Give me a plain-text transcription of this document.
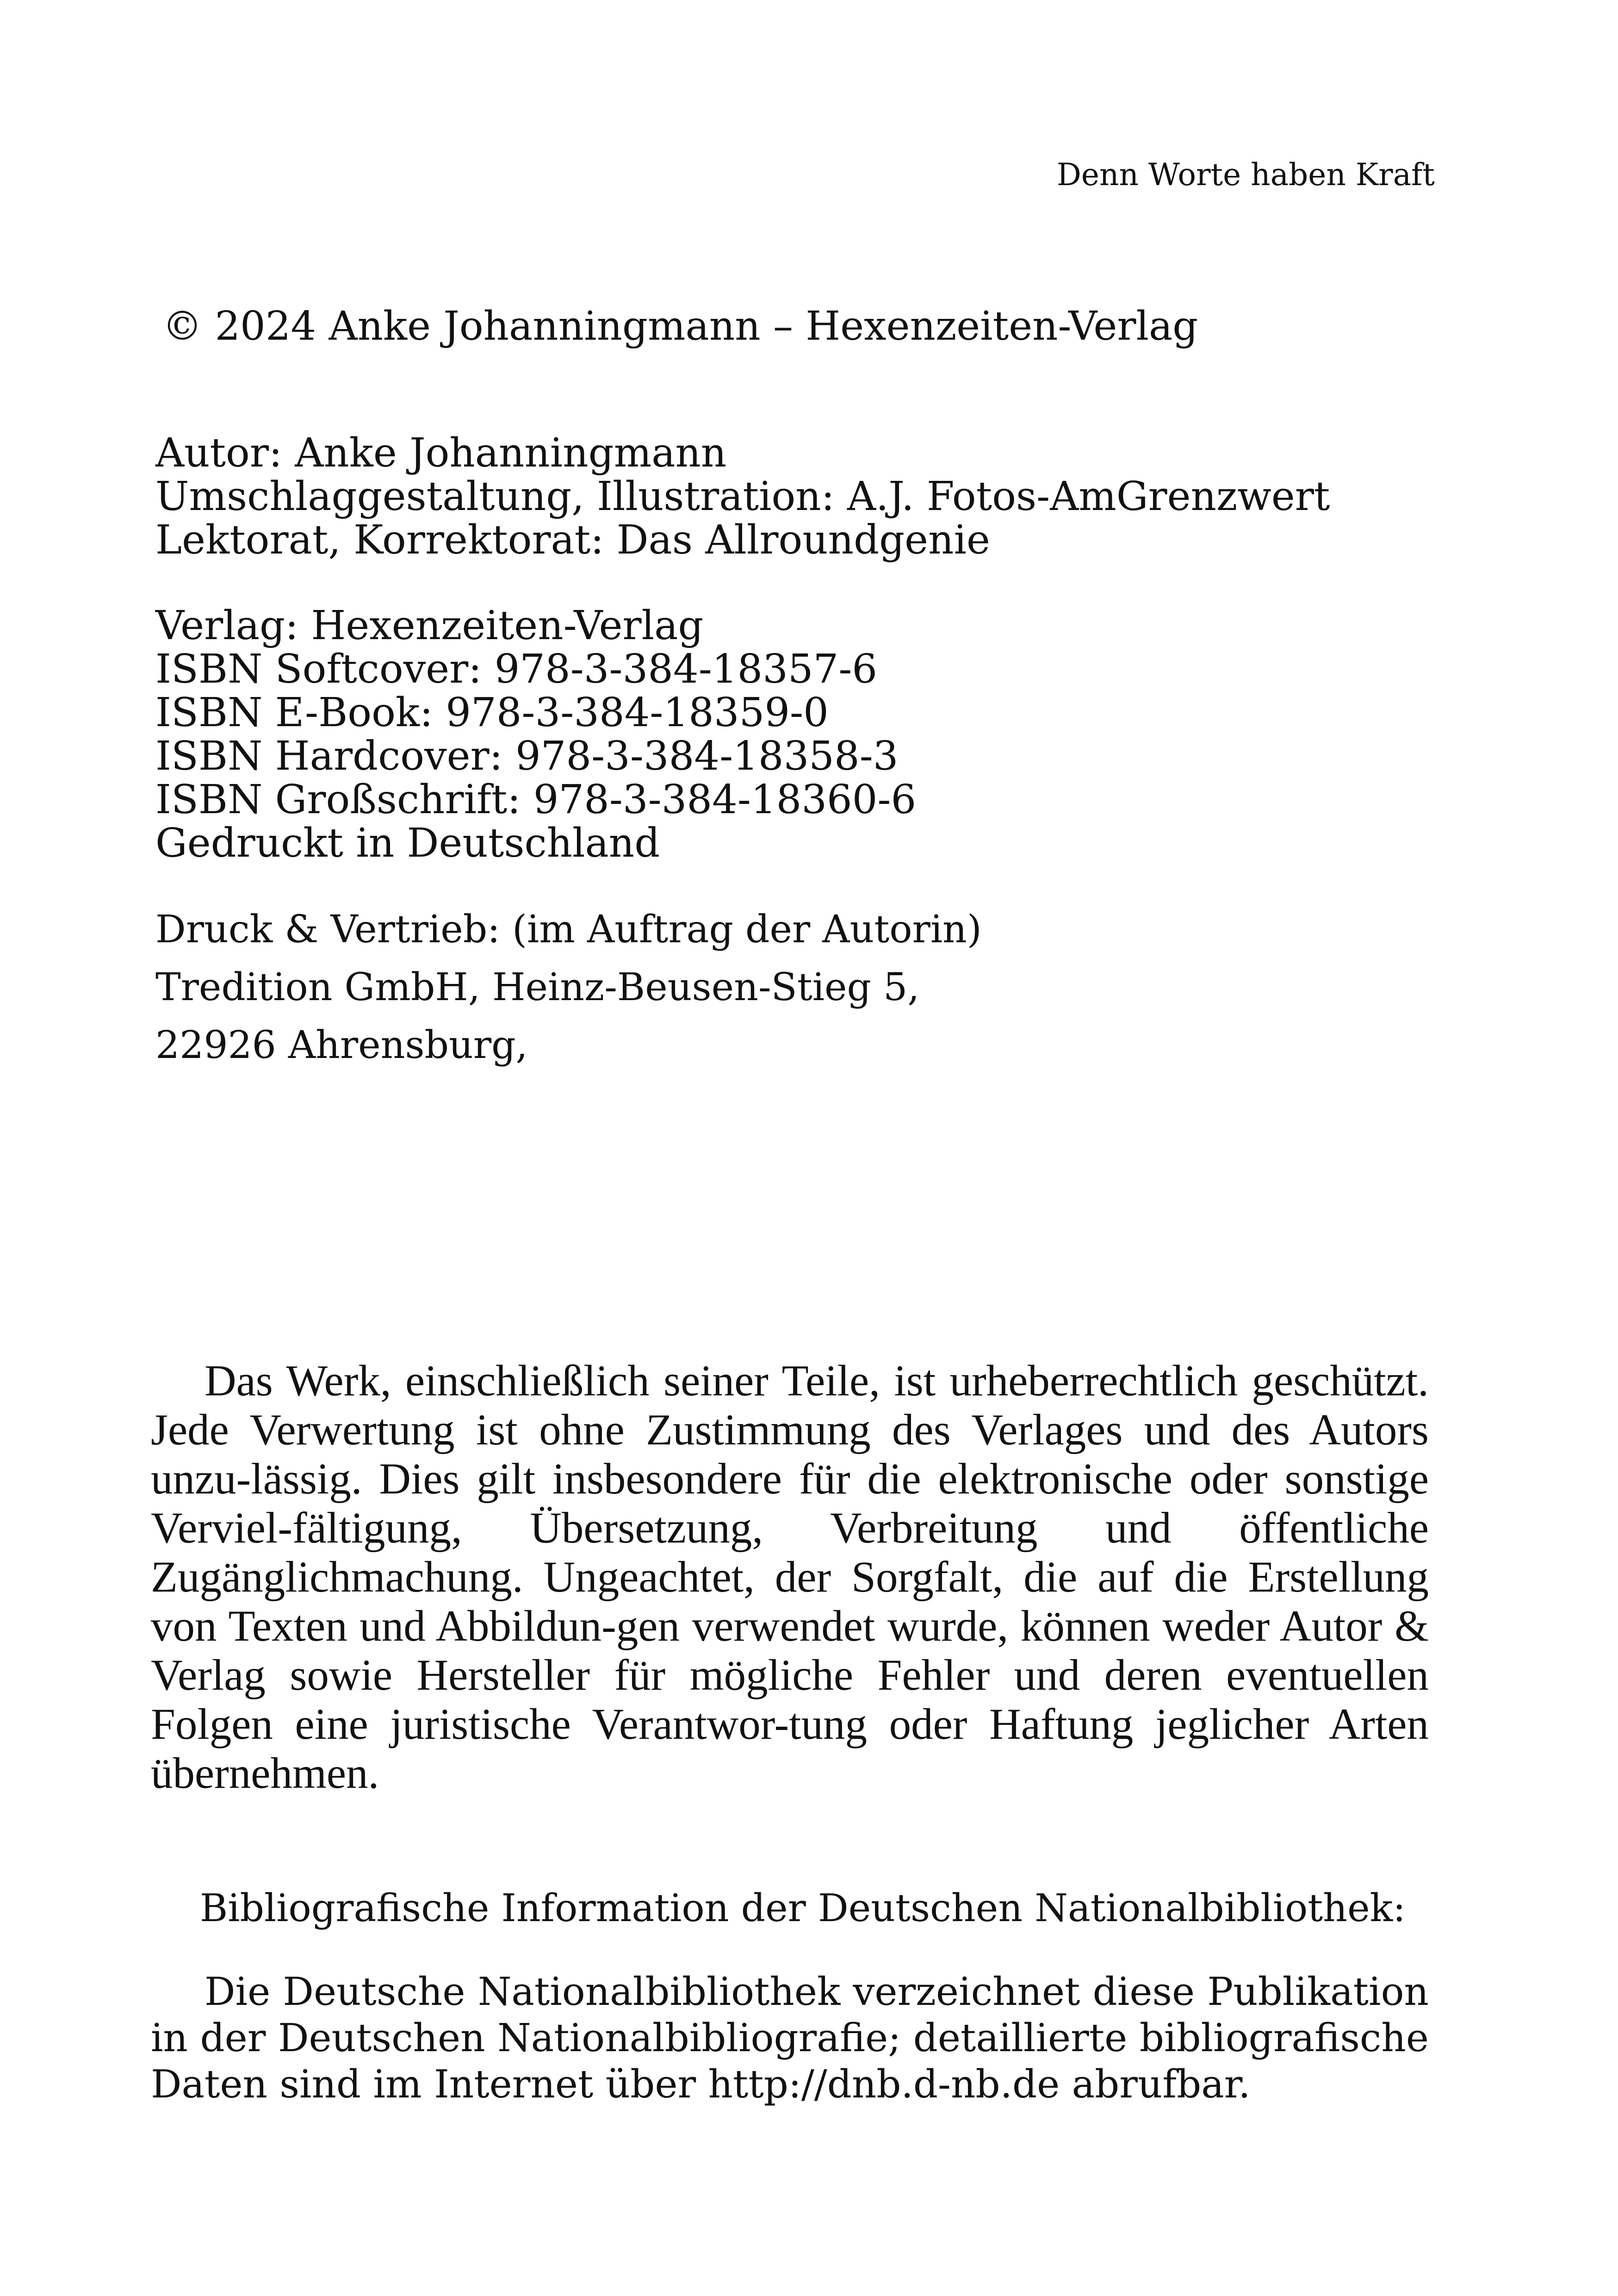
Denn Worte haben Kraft
© 2024 Anke Johanningmann – Hexenzeiten-Verlag
Autor: Anke Johanningmann
Umschlaggestaltung, Illustration: A.J. Fotos-AmGrenzwert
Lektorat, Korrektorat: Das Allroundgenie
Verlag: Hexenzeiten-Verlag
ISBN Softcover: 978-3-384-18357-6
ISBN E-Book: 978-3-384-18359-0
ISBN Hardcover: 978-3-384-18358-3
ISBN Großschrift: 978-3-384-18360-6
Gedruckt in Deutschland
Druck & Vertrieb: (im Auftrag der Autorin)
Tredition GmbH, Heinz-Beusen-Stieg 5,
22926 Ahrensburg,

Das Werk, einschließlich seiner Teile, ist urheberrechtlich geschützt. Jede Verwertung ist ohne Zustimmung des Verlages und des Autors unzu-lässig. Dies gilt insbesondere für die elektronische oder sonstige Verviel-fältigung, Übersetzung, Verbreitung und öffentliche Zugänglichmachung. Ungeachtet, der Sorgfalt, die auf die Erstellung von Texten und Abbildun-gen verwendet wurde, können weder Autor & Verlag sowie Hersteller für mögliche Fehler und deren eventuellen Folgen eine juristische Verantwor-tung oder Haftung jeglicher Arten übernehmen.

Bibliografische Information der Deutschen Nationalbibliothek:

Die Deutsche Nationalbibliothek verzeichnet diese Publikation in der Deutschen Nationalbibliografie; detaillierte bibliografische Daten sind im Internet über http://dnb.d-nb.de abrufbar.
